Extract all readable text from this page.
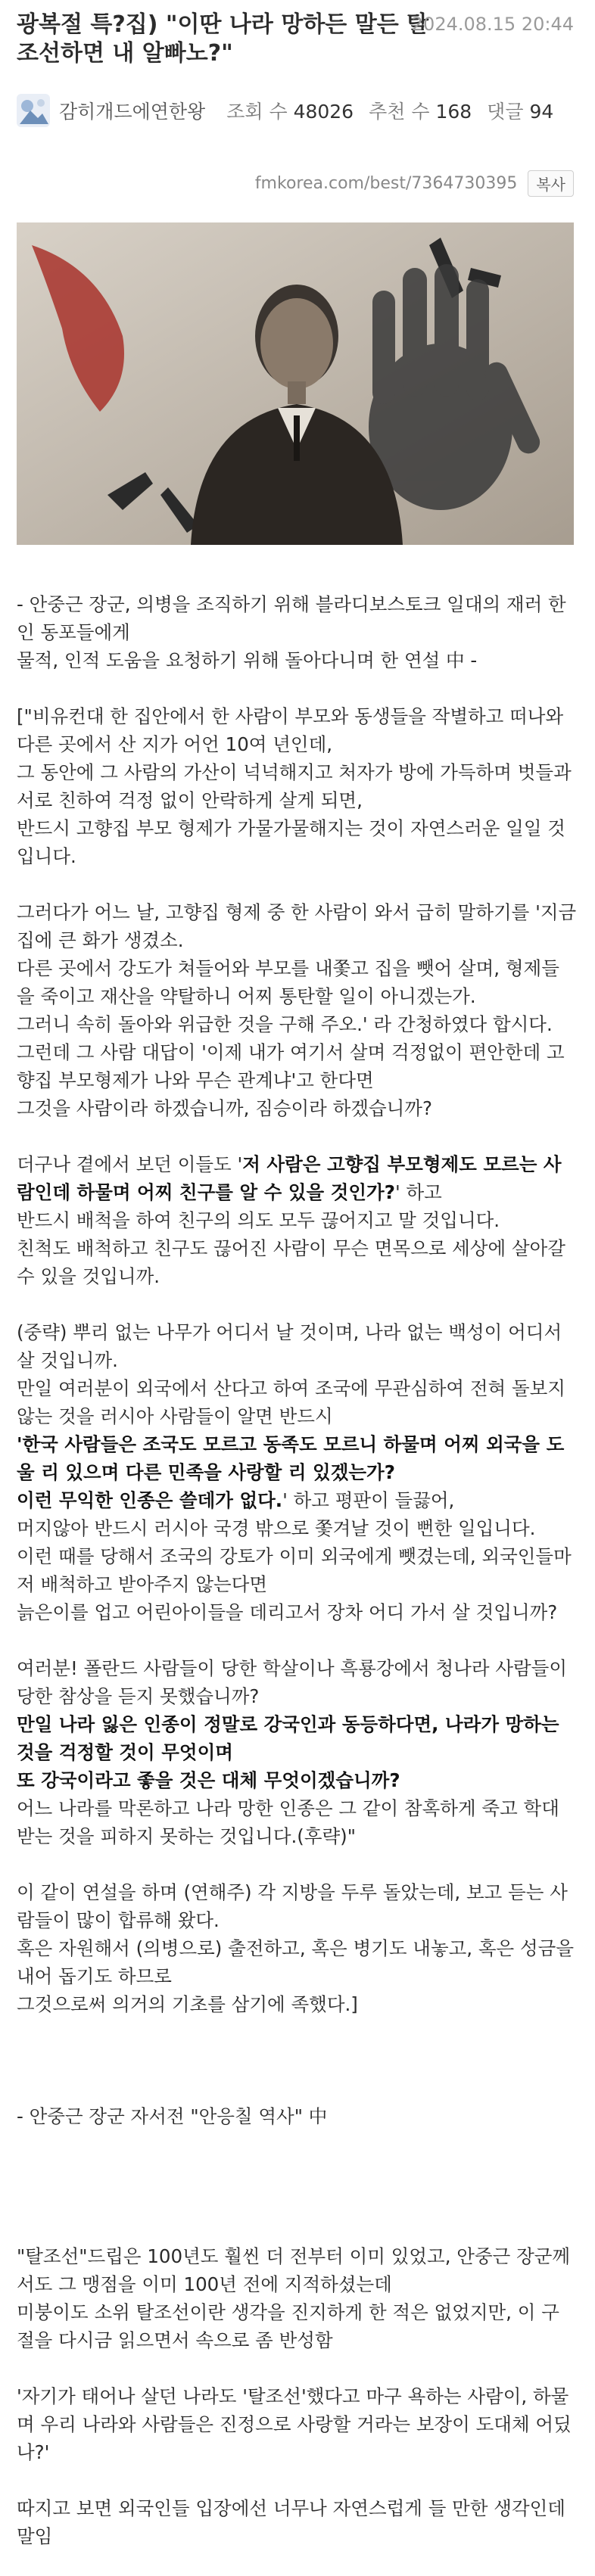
광복절 특?집) "이딴 나라 망하든 말든 탈조선하면 내 알빠노?"
2024.08.15 20:44
감히개드에연한왕 조회 수 48026 추천 수 168 댓글 94
fmkorea.com/best/7364730395	복사

- 안중근 장군, 의병을 조직하기 위해 블라디보스토크 일대의 재러 한인 동포들에게

물적, 인적 도움을 요청하기 위해 돌아다니며 한 연설 中 -

["비유컨대 한 집안에서 한 사람이 부모와 동생들을 작별하고 떠나와 다른 곳에서 산 지가 어언 10여 년인데,

그 동안에 그 사람의 가산이 넉넉해지고 처자가 방에 가득하며 벗들과 서로 친하여 걱정 없이 안락하게 살게 되면,

반드시 고향집 부모 형제가 가물가물해지는 것이 자연스러운 일일 것입니다.

그러다가 어느 날, 고향집 형제 중 한 사람이 와서 급히 말하기를 '지금 집에 큰 화가 생겼소.

다른 곳에서 강도가 쳐들어와 부모를 내쫓고 집을 뺏어 살며, 형제들을 죽이고 재산을 약탈하니 어찌 통탄할 일이 아니겠는가.

그러니 속히 돌아와 위급한 것을 구해 주오.' 라 간청하였다 합시다.

그런데 그 사람 대답이 '이제 내가 여기서 살며 걱정없이 편안한데 고향집 부모형제가 나와 무슨 관계냐'고 한다면

그것을 사람이라 하겠습니까, 짐승이라 하겠습니까?

더구나 곁에서 보던 이들도 '저 사람은 고향집 부모형제도 모르는 사람인데 하물며 어찌 친구를 알 수 있을 것인가?' 하고

반드시 배척을 하여 친구의 의도 모두 끊어지고 말 것입니다.

친척도 배척하고 친구도 끊어진 사람이 무슨 면목으로 세상에 살아갈 수 있을 것입니까.

(중략) 뿌리 없는 나무가 어디서 날 것이며, 나라 없는 백성이 어디서 살 것입니까.

만일 여러분이 외국에서 산다고 하여 조국에 무관심하여 전혀 돌보지 않는 것을 러시아 사람들이 알면 반드시

'한국 사람들은 조국도 모르고 동족도 모르니 하물며 어찌 외국을 도울 리 있으며 다른 민족을 사랑할 리 있겠는가?

이런 무익한 인종은 쓸데가 없다.' 하고 평판이 들끓어,

머지않아 반드시 러시아 국경 밖으로 쫓겨날 것이 뻔한 일입니다.

이런 때를 당해서 조국의 강토가 이미 외국에게 뺏겼는데, 외국인들마저 배척하고 받아주지 않는다면

늙은이를 업고 어린아이들을 데리고서 장차 어디 가서 살 것입니까?

여러분! 폴란드 사람들이 당한 학살이나 흑룡강에서 청나라 사람들이 당한 참상을 듣지 못했습니까?

만일 나라 잃은 인종이 정말로 강국인과 동등하다면, 나라가 망하는 것을 걱정할 것이 무엇이며

또 강국이라고 좋을 것은 대체 무엇이겠습니까?

어느 나라를 막론하고 나라 망한 인종은 그 같이 참혹하게 죽고 학대 받는 것을 피하지 못하는 것입니다.(후략)"

이 같이 연설을 하며 (연해주) 각 지방을 두루 돌았는데, 보고 듣는 사람들이 많이 합류해 왔다.

혹은 자원해서 (의병으로) 출전하고, 혹은 병기도 내놓고, 혹은 성금을 내어 돕기도 하므로

그것으로써 의거의 기초를 삼기에 족했다.]

- 안중근 장군 자서전 "안응칠 역사" 中

"탈조선"드립은 100년도 훨씬 더 전부터 이미 있었고, 안중근 장군께서도 그 맹점을 이미 100년 전에 지적하셨는데

미붕이도 소위 탈조선이란 생각을 진지하게 한 적은 없었지만, 이 구절을 다시금 읽으면서 속으로 좀 반성함

'자기가 태어나 살던 나라도 '탈조선'했다고 마구 욕하는 사람이, 하물며 우리 나라와 사람들은 진정으로 사랑할 거라는 보장이 도대체 어딨나?'

따지고 보면 외국인들 입장에선 너무나 자연스럽게 들 만한 생각인데 말임
